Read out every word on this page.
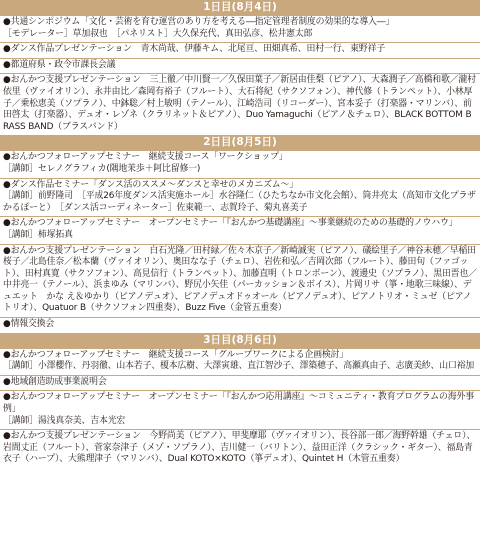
1日目(8月4日)
●共通シンポジウム「文化・芸術を育む運営のあり方を考える―指定管理者制度の効果的な導入―」
［モデレーター］草加叔也　［パネリスト］大久保充代、真田弘彦、松井憲太郎
●ダンス作品プレゼンテーション　青木尚哉、伊藤キム、北尾亘、田畑真希、田村一行、東野祥子
●都道府県・政令市課長会議
●おんかつ支援プレゼンテーション　三上徹／中川賢一／久保田葉子／新居由佳梨（ピアノ）、大森潤子／高橋和歌／瀧村依里（ヴァイオリン）、永井由比／森岡有裕子（フルート）、大石将紀（サクソフォン）、神代修（トランペット）、小林厚子／乗松恵美（ソプラノ）、中鉢聡／村上敏明（テノール）、江崎浩司（リコーダー）、宮本妥子（打楽器・マリンバ）、前田啓太（打楽器）、デュオ・レゾネ（クラリネット＆ピアノ）、Duo Yamaguchi（ピアノ＆チェロ）、BLACK BOTTOM BRASS BAND（ブラスバンド）
2日目(8月5日)
●おんかつフォローアップセミナー　継続支援コース「ワークショップ」
［講師］セレノグラフィカ(隅地茉歩＋阿比留修一)
●ダンス作品セミナー「ダンス活のススメ～ダンスと幸せのメカニズム～」
［講師］前野隆司　［平成26年度ダンス活実施ホール］水谷隆仁（ひたちなか市文化会館）、筒井亮太（高知市文化プラザかるぽーと）　［ダンス活コーディネーター］佐東範一、志賀玲子、菊丸喜美子
●おんかつフォローアップセミナー　オープンセミナー「『おんかつ基礎講座』～事業継続のための基礎的ノウハウ」
［講師］柿塚拓真
●おんかつ支援プレゼンテーション　白石光隆／田村緑／佐々木京子／新崎誠実（ピアノ）、礒絵里子／神谷未穂／早稲田桜子／北島佳奈／松本蘭（ヴァイオリン）、奥田なな子（チェロ）、岩佐和弘／吉岡次郎（フルート）、藤田旬（ファゴット）、田村真寛（サクソフォン）、高見信行（トランペット）、加藤直明（トロンボーン）、渡邊史（ソプラノ）、黒田晋也／中井亮一（テノール）、浜まゆみ（マリンバ）、野尻小矢佳（パーカッション＆ボイス）、片岡リサ（箏・地歌三味線）、デュエット　かな え＆ゆかり（ピアノデュオ）、ピアノデュオドゥオール（ピアノデュオ）、ピアノトリオ・ミュゼ（ピアノトリオ）、Quatuor B（サクソフォン四重奏）、Buzz Five（金管五重奏）
●情報交換会
3日目(8月6日)
●おんかつフォローアップセミナー　継続支援コース「グループワークによる企画検討」
［講師］小澤櫻作、丹羽徹、山本若子、榎本広樹、大澤寅雄、直江智沙子、澤築穂子、高瀬真由子、志廣美紗、山口裕加
●地域創造助成事業説明会
●おんかつフォローアップセミナー　オープンセミナー「『おんかつ応用講座』～コミュニティ・教育プログラムの海外事例」
［講師］湯浅真奈美、吉本光宏
●おんかつ支援プレゼンテーション　今野尚美（ピアノ）、甲斐摩耶（ヴァイオリン）、長谷部一郎／海野幹雄（チェロ）、岩間丈正（フルート）、菅家奈津子（メゾ・ソプラノ）、吉川健一（バリトン）、益田正洋（クラシック・ギター）、福島青衣子（ハープ）、大熊理津子（マリンバ）、Dual KOTO×KOTO（箏デュオ）、Quintet H（木管五重奏）
